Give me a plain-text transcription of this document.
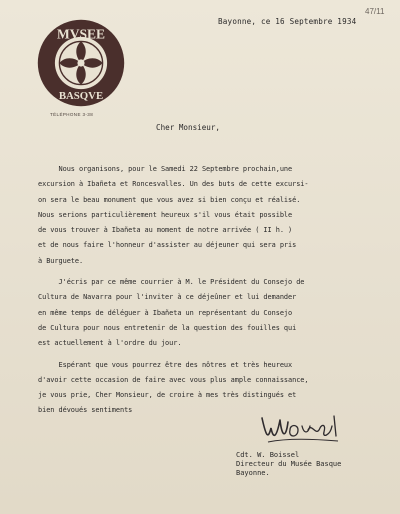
MVSEE
BASQVE
TÉLÉPHONE 3-38
47/11
Bayonne, ce 16 Septembre 1934
Cher Monsieur,
Nous organisons, pour le Samedi 22 Septembre prochain,une
excursion à Ibañeta et Roncesvalles. Un des buts de cette excursi-
on sera le beau monument que vous avez si bien conçu et réalisé.
Nous serions particulièrement heureux s'il vous était possible
de vous trouver à Ibañeta au moment de notre arrivée ( II h. )
et de nous faire l'honneur d'assister au déjeuner qui sera pris
à Burguete.
J'écris par ce même courrier à M. le Président du Consejo de
Cultura de Navarra pour l'inviter à ce déjeûner et lui demander
en même temps de déléguer à Ibañeta un représentant du Consejo
de Cultura pour nous entretenir de la question des fouilles qui
est actuellement à l'ordre du jour.
Espérant que vous pourrez être des nôtres et très heureux
d'avoir cette occasion de faire avec vous plus ample connaissance,
je vous prie, Cher Monsieur, de croire à mes très distingués et
bien dévoués sentiments
Cdt. W. Boissel
Directeur du Musée Basque
Bayonne.
